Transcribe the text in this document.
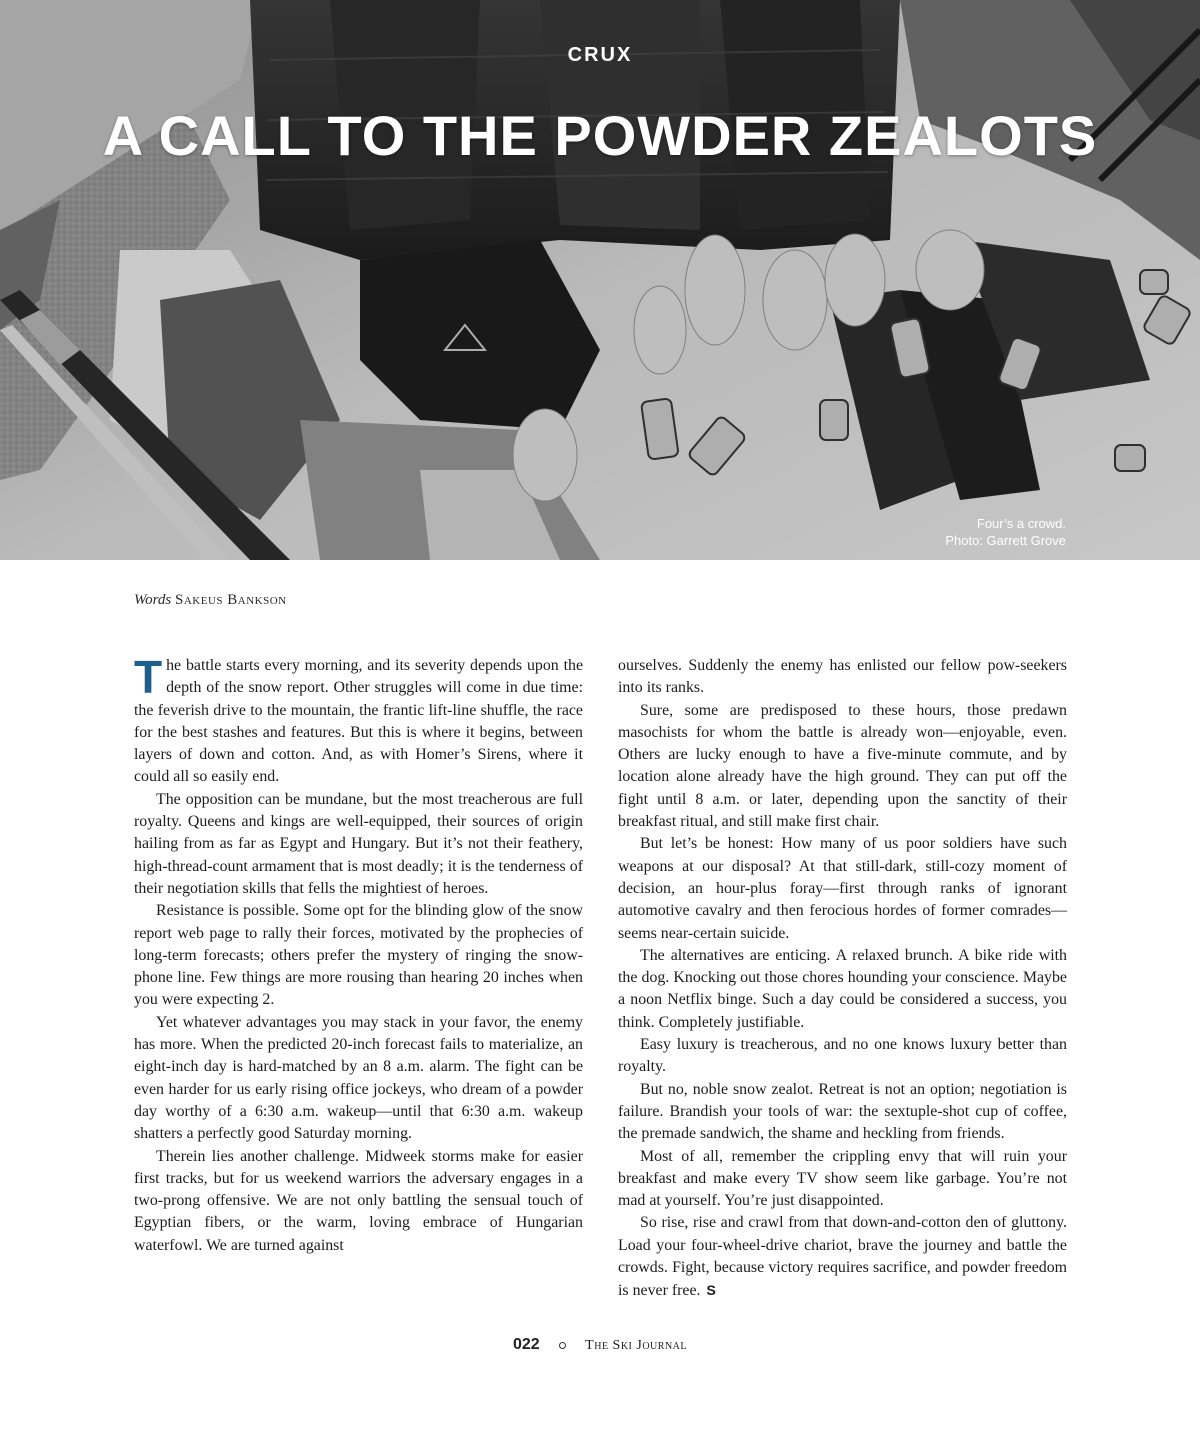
CRUX
A CALL TO THE POWDER ZEALOTS
Four’s a crowd.
Photo: Garrett Grove
Words Sakeus Bankson

The battle starts every morning, and its severity depends upon the depth of the snow report. Other struggles will come in due time: the feverish drive to the mountain, the frantic lift-line shuffle, the race for the best stashes and features. But this is where it begins, between layers of down and cotton. And, as with Homer’s Sirens, where it could all so easily end.

The opposition can be mundane, but the most treacherous are full royalty. Queens and kings are well-equipped, their sources of origin hailing from as far as Egypt and Hungary. But it’s not their feathery, high-thread-count armament that is most deadly; it is the tenderness of their negotiation skills that fells the mightiest of heroes.

Resistance is possible. Some opt for the blinding glow of the snow report web page to rally their forces, motivated by the prophecies of long-term forecasts; others prefer the mystery of ringing the snow-phone line. Few things are more rousing than hearing 20 inches when you were expecting 2.

Yet whatever advantages you may stack in your favor, the enemy has more. When the predicted 20-inch forecast fails to materialize, an eight-inch day is hard-matched by an 8 a.m. alarm. The fight can be even harder for us early rising office jockeys, who dream of a powder day worthy of a 6:30 a.m. wakeup—until that 6:30 a.m. wakeup shatters a perfectly good Saturday morning.

Therein lies another challenge. Midweek storms make for easier first tracks, but for us weekend warriors the adversary engages in a two-prong offensive. We are not only battling the sensual touch of Egyptian fibers, or the warm, loving embrace of Hungarian waterfowl. We are turned against

ourselves. Suddenly the enemy has enlisted our fellow pow-seekers into its ranks.

Sure, some are predisposed to these hours, those predawn masochists for whom the battle is already won—enjoyable, even. Others are lucky enough to have a five-minute commute, and by location alone already have the high ground. They can put off the fight until 8 a.m. or later, depending upon the sanctity of their breakfast ritual, and still make first chair.

But let’s be honest: How many of us poor soldiers have such weapons at our disposal? At that still-dark, still-cozy moment of decision, an hour-plus foray—first through ranks of ignorant automotive cavalry and then ferocious hordes of former comrades—seems near-certain suicide.

The alternatives are enticing. A relaxed brunch. A bike ride with the dog. Knocking out those chores hounding your conscience. Maybe a noon Netflix binge. Such a day could be considered a success, you think. Completely justifiable.

Easy luxury is treacherous, and no one knows luxury better than royalty.

But no, noble snow zealot. Retreat is not an option; negotiation is failure. Brandish your tools of war: the sextuple-shot cup of coffee, the premade sandwich, the shame and heckling from friends.

Most of all, remember the crippling envy that will ruin your breakfast and make every TV show seem like garbage. You’re not mad at yourself. You’re just disappointed.

So rise, rise and crawl from that down-and-cotton den of gluttony. Load your four-wheel-drive chariot, brave the journey and battle the crowds. Fight, because victory requires sacrifice, and powder freedom is never free. S

022	The Ski Journal
